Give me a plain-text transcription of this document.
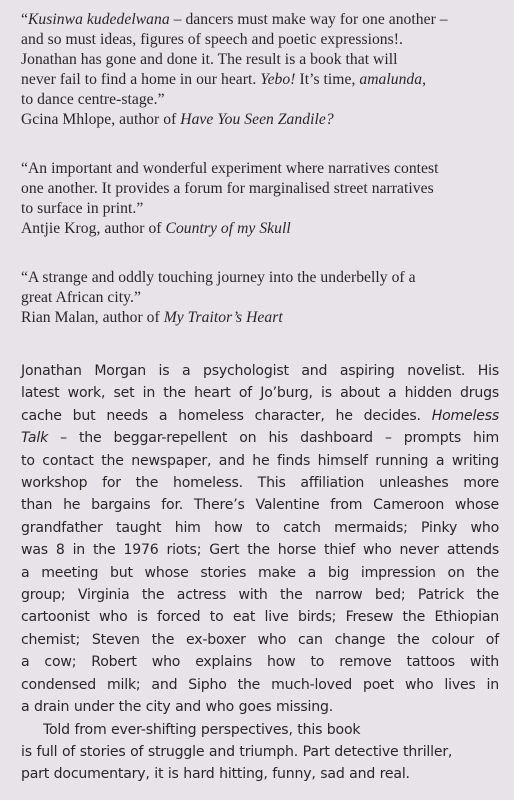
“Kusinwa kudedelwana – dancers must make way for one another –
and so must ideas, figures of speech and poetic expressions!.
Jonathan has gone and done it. The result is a book that will
never fail to find a home in our heart. Yebo! It’s time, amalunda,
to dance centre-stage.”

Gcina Mhlope, author of Have You Seen Zandile?

“An important and wonderful experiment where narratives contest
one another. It provides a forum for marginalised street narratives
to surface in print.”

Antjie Krog, author of Country of my Skull

“A strange and oddly touching journey into the underbelly of a
great African city.”

Rian Malan, author of My Traitor’s Heart

Jonathan Morgan is a psychologist and aspiring novelist. His
latest work, set in the heart of Jo’burg, is about a hidden drugs
cache but needs a homeless character, he decides. Homeless
Talk – the beggar-repellent on his dashboard – prompts him
to contact the newspaper, and he finds himself running a writing
workshop for the homeless. This affiliation unleashes more
than he bargains for. There’s Valentine from Cameroon whose
grandfather taught him how to catch mermaids; Pinky who
was 8 in the 1976 riots; Gert the horse thief who never attends
a meeting but whose stories make a big impression on the
group; Virginia the actress with the narrow bed; Patrick the
cartoonist who is forced to eat live birds; Fresew the Ethiopian
chemist; Steven the ex-boxer who can change the colour of
a cow; Robert who explains how to remove tattoos with
condensed milk; and Sipho the much-loved poet who lives in
a drain under the city and who goes missing.

Told from ever-shifting perspectives, this book

is full of stories of struggle and triumph. Part detective thriller,
part documentary, it is hard hitting, funny, sad and real.
